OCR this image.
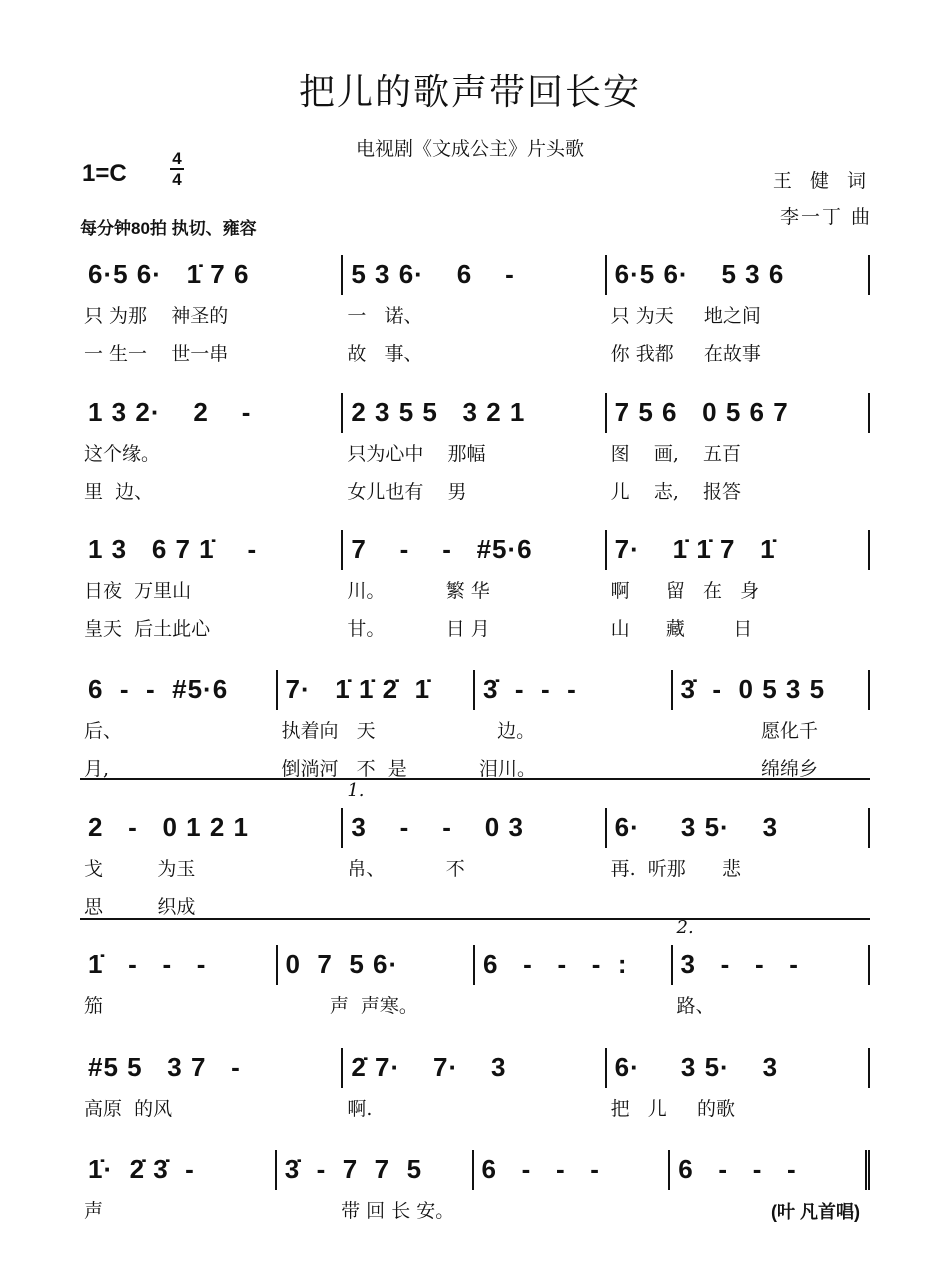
把儿的歌声带回长安
电视剧《文成公主》片头歌
1=C
4
4	王 健 词
李一丁 曲
每分钟80拍 执切、雍容
6·5 6·   1̇ 7 6
只 为那    神圣的
一 生一    世一串
5 3 6·    6    -
一   诺、
故   事、
6·5 6·    5 3 6
只 为天     地之间
你 我都     在故事
1 3 2·    2    -
这个缘。
里  边、
2 3 5 5   3 2 1
只为心中    那幅
女儿也有    男
7 5 6   0 5 6 7
图    画,    五百
儿    志,    报答
1 3   6 7 1̇    -
日夜  万里山
皇天  后土此心
7    -    -   #5·6
川。          繁 华
甘。          日 月
7·    1̇ 1̇ 7   1̇
啊      留   在   身
山      藏        日
6  -  -  #5·6
后、
月,
7·   1̇ 1̇ 2̇  1̇
执着向   天
倒淌河   不  是
3̇  -  -  -
边。
泪川。
3̇  -  0 5 3 5
愿化千
绵绵乡
2   -   0 1 2 1
戈         为玉
思         织成
3    -    -    0 3
帛、          不
1.
6·     3 5·    3
再.  听那      悲
1̇   -   -   -
笳
0  7  5 6·
声  声寒。
6   -   -   -  : 3   -   -   -
路、
2.
#5 5   3 7   -
高原  的风
2̇ 7·    7·    3
啊.
6·     3 5·    3
把   儿     的歌
1̇·  2̇ 3̇  -
声
3̇  -  7  7  5
带 回 长 安。
6   -   -   -	6   -   -   -
(叶 凡首唱)
